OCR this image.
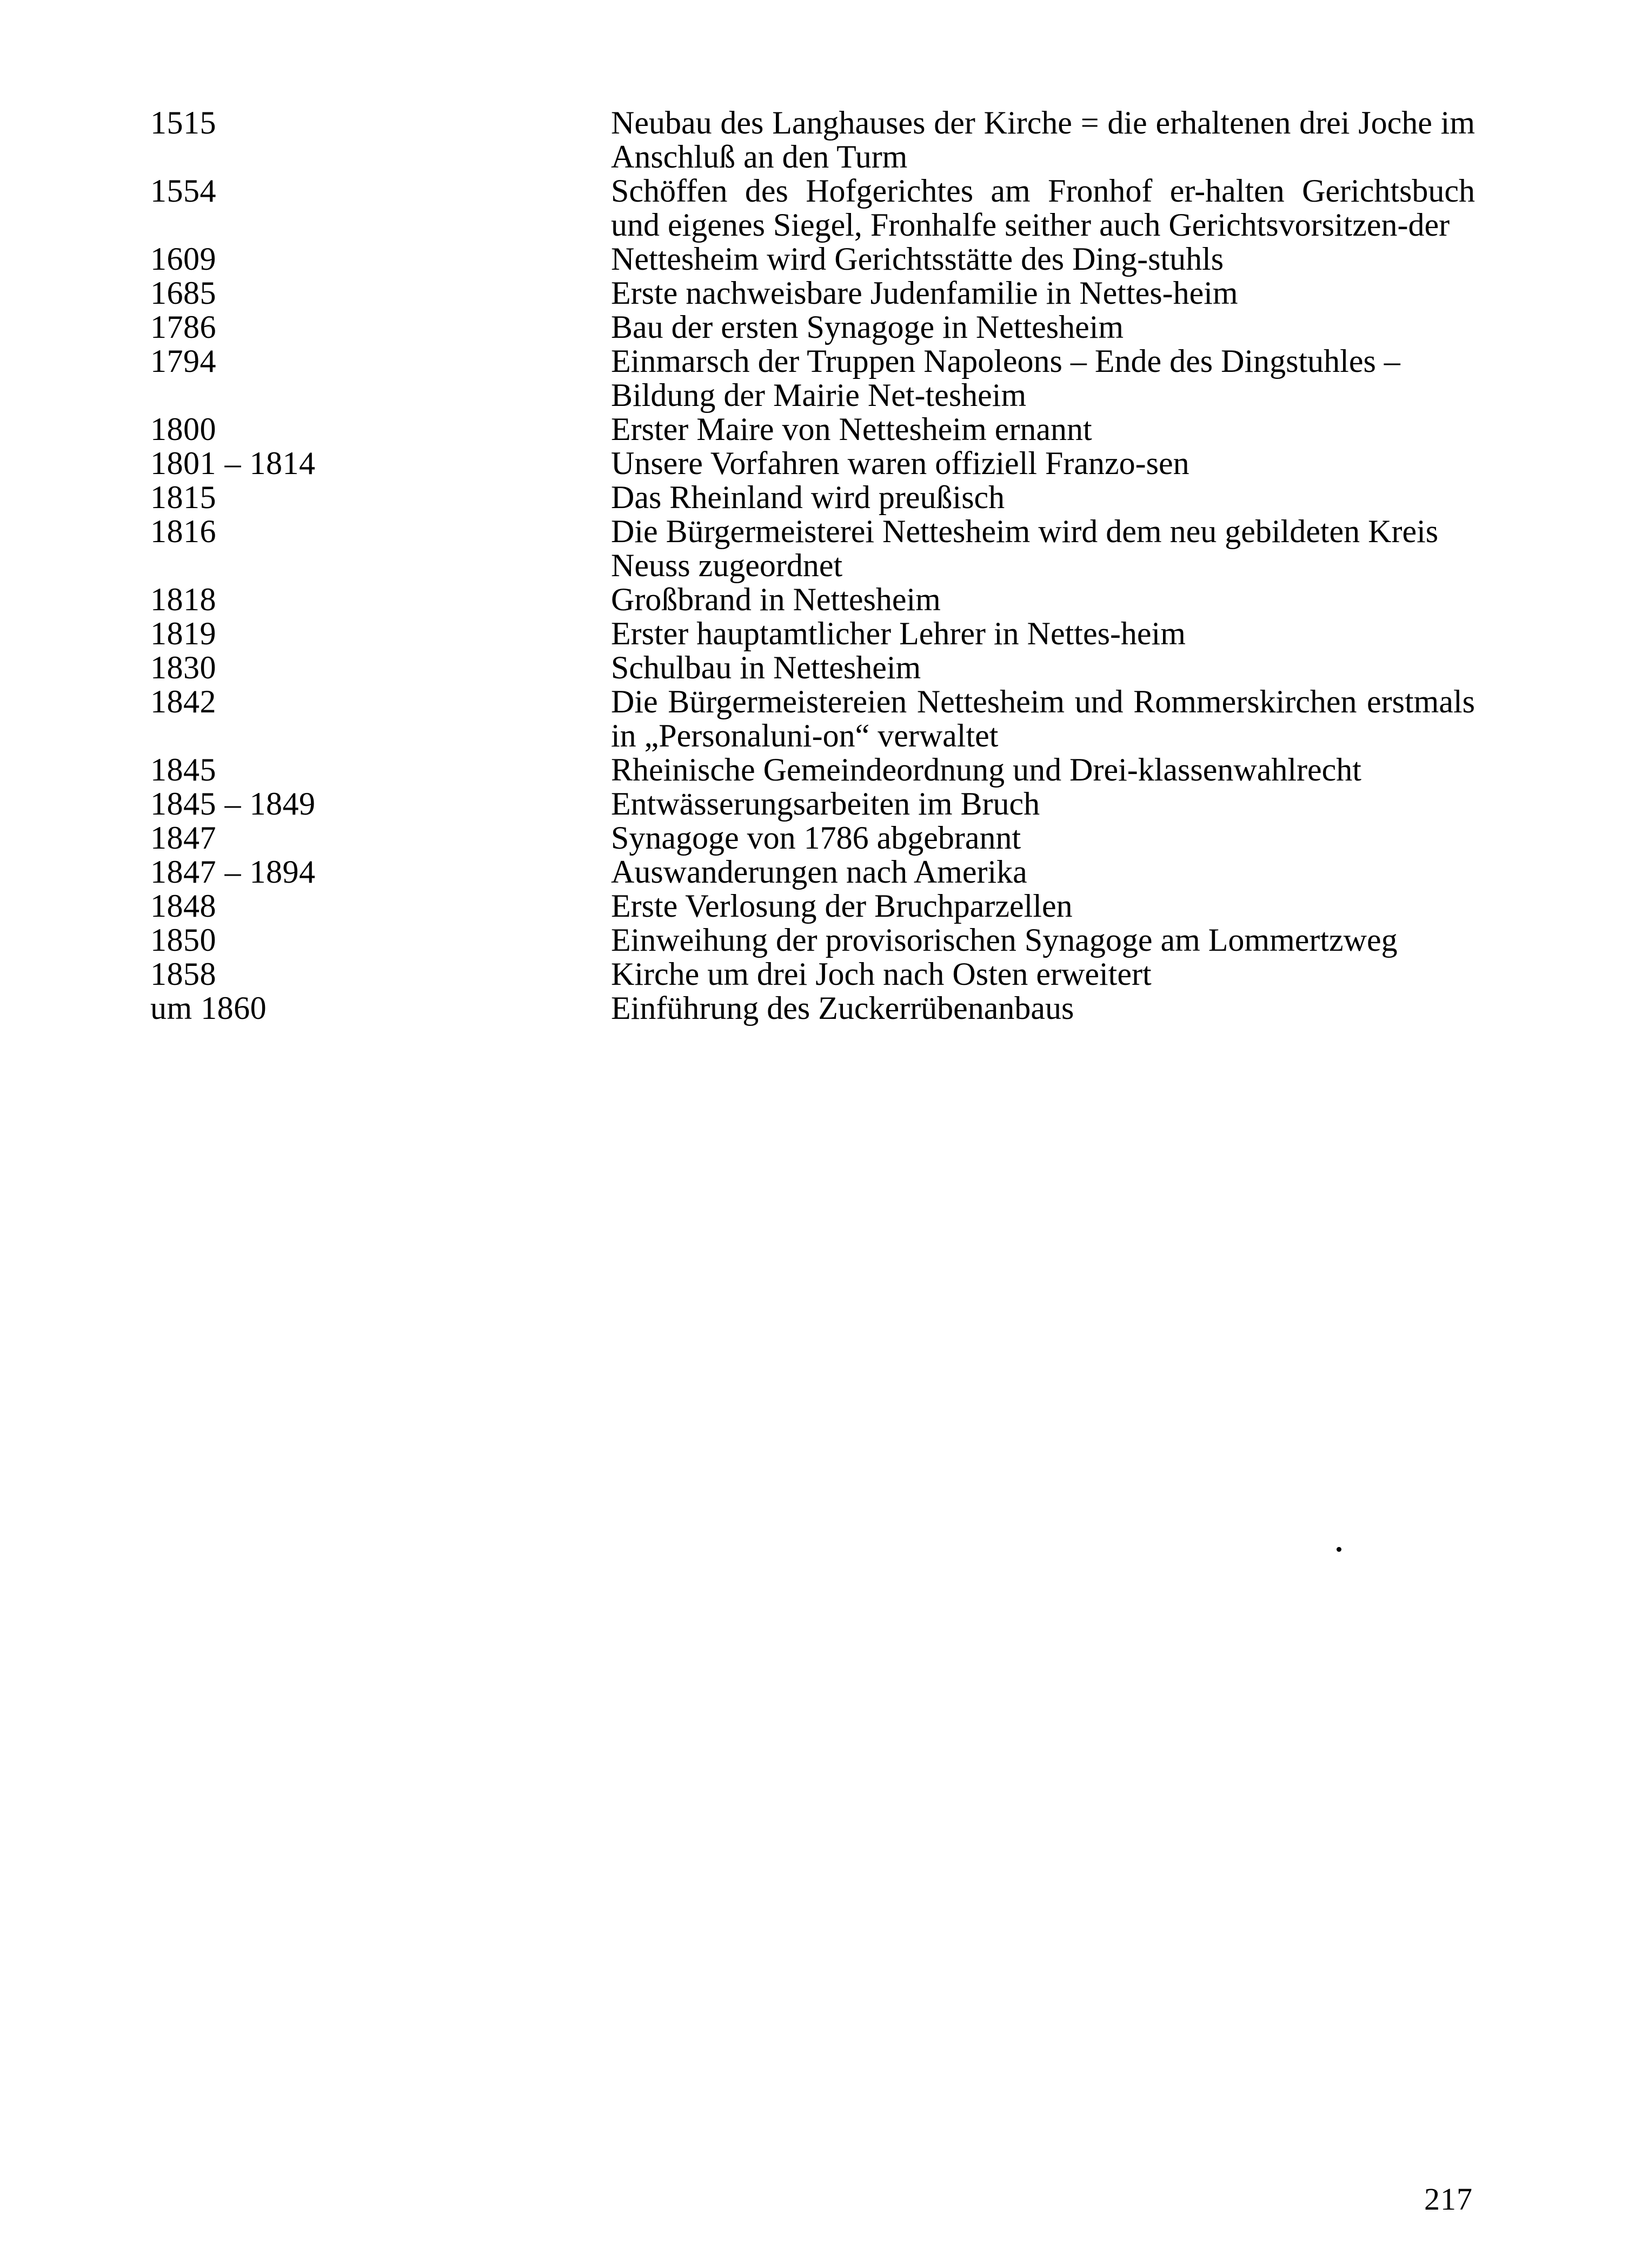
1515	Neubau des Langhauses der Kirche = die erhaltenen drei Joche im Anschluß an den Turm
1554	Schöffen des Hofgerichtes am Fronhof er-halten Gerichtsbuch und eigenes Siegel, Fronhalfe seither auch Gerichtsvorsitzen-der
1609	Nettesheim wird Gerichtsstätte des Ding-stuhls
1685	Erste nachweisbare Judenfamilie in Nettes-heim
1786	Bau der ersten Synagoge in Nettesheim
1794	Einmarsch der Truppen Napoleons – Ende des Dingstuhles – Bildung der Mairie Net-tesheim
1800	Erster Maire von Nettesheim ernannt
1801 – 1814	Unsere Vorfahren waren offiziell Franzo-sen
1815	Das Rheinland wird preußisch
1816	Die Bürgermeisterei Nettesheim wird dem neu gebildeten Kreis Neuss zugeordnet
1818	Großbrand in Nettesheim
1819	Erster hauptamtlicher Lehrer in Nettes-heim
1830	Schulbau in Nettesheim
1842	Die Bürgermeistereien Nettesheim und Rommerskirchen erstmals in „Personaluni-on“ verwaltet
1845	Rheinische Gemeindeordnung und Drei-klassenwahlrecht
1845 – 1849	Entwässerungsarbeiten im Bruch
1847	Synagoge von 1786 abgebrannt
1847 – 1894	Auswanderungen nach Amerika
1848	Erste Verlosung der Bruchparzellen
1850	Einweihung der provisorischen Synagoge am Lommertzweg
1858	Kirche um drei Joch nach Osten erweitert
um 1860	Einführung des Zuckerrübenanbaus
217
